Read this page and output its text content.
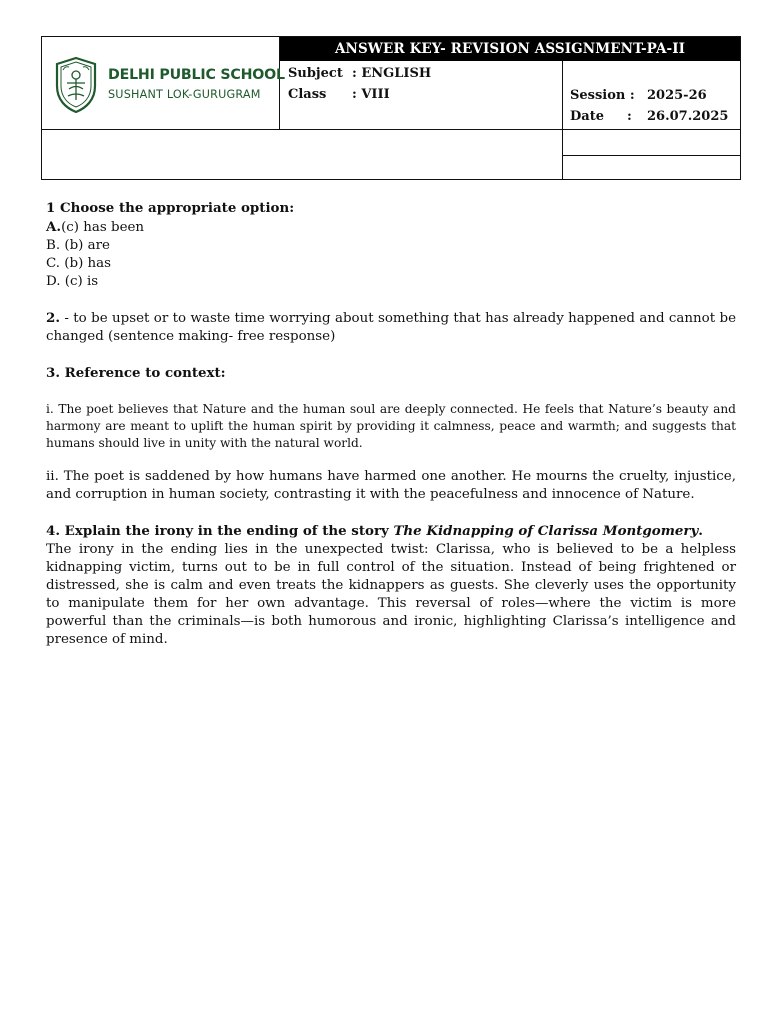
ANSWER KEY- REVISION ASSIGNMENT-PA-II
DELHI PUBLIC SCHOOL
SUSHANT LOK-GURUGRAM
Subject : ENGLISH
Class : VIII	Session : 2025-26
Date : 26.07.2025

1 Choose the appropriate option:

A.(c) has been

B. (b) are

C. (b) has

D. (c) is

2. - to be upset or to waste time worrying about something that has already happened and cannot be changed (sentence making- free response)

3. Reference to context:

i. The poet believes that Nature and the human soul are deeply connected. He feels that Nature’s beauty and harmony are meant to uplift the human spirit by providing it calmness, peace and warmth; and suggests that humans should live in unity with the natural world.

ii. The poet is saddened by how humans have harmed one another. He mourns the cruelty, injustice, and corruption in human society, contrasting it with the peacefulness and innocence of Nature.

4. Explain the irony in the ending of the story The Kidnapping of Clarissa Montgomery.

The irony in the ending lies in the unexpected twist: Clarissa, who is believed to be a helpless kidnapping victim, turns out to be in full control of the situation. Instead of being frightened or distressed, she is calm and even treats the kidnappers as guests. She cleverly uses the opportunity to manipulate them for her own advantage. This reversal of roles—where the victim is more powerful than the criminals—is both humorous and ironic, highlighting Clarissa’s intelligence and presence of mind.
